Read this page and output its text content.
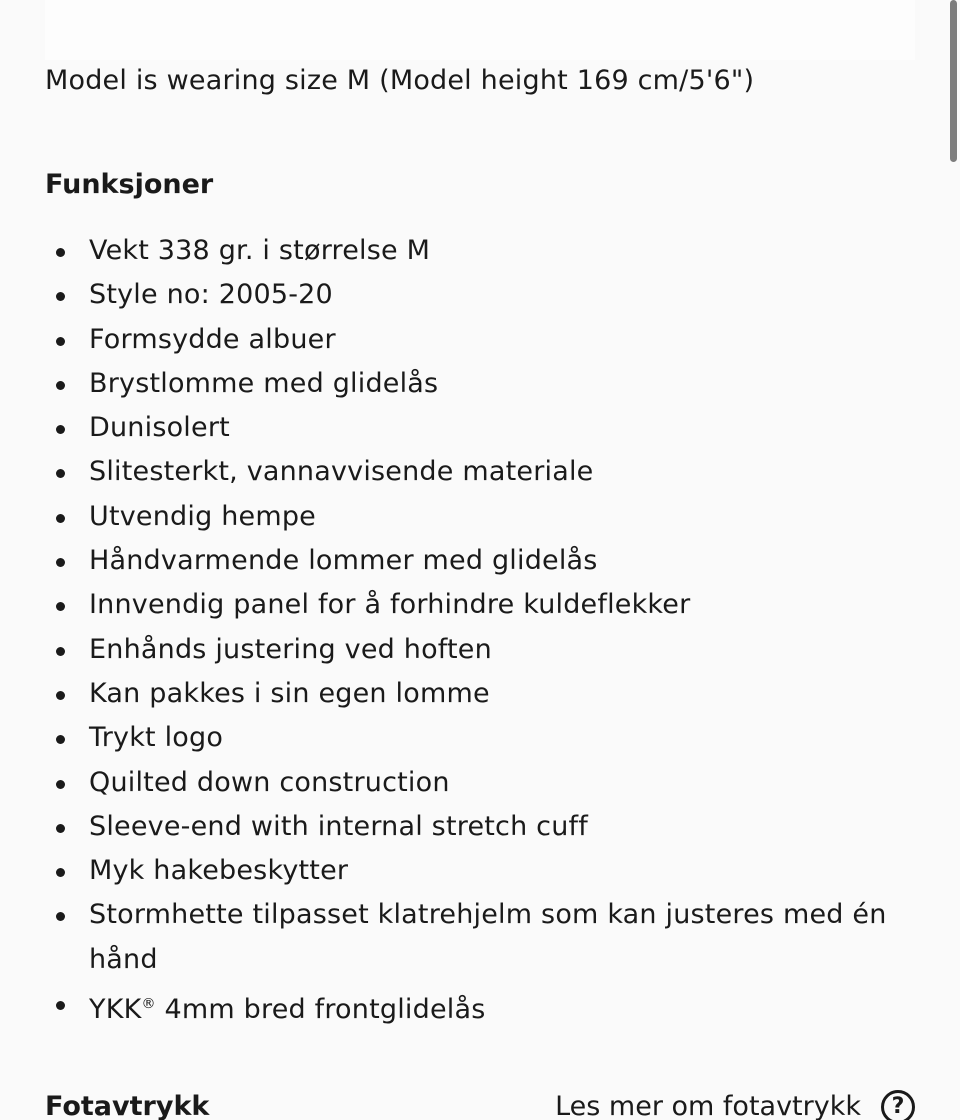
Model is wearing size M (Model height 169 cm/5'6")
Funksjoner
Vekt 338 gr. i størrelse M
Style no: 2005-20
Formsydde albuer
Brystlomme med glidelås
Dunisolert
Slitesterkt, vannavvisende materiale
Utvendig hempe
Håndvarmende lommer med glidelås
Innvendig panel for å forhindre kuldeflekker
Enhånds justering ved hoften
Kan pakkes i sin egen lomme
Trykt logo
Quilted down construction
Sleeve-end with internal stretch cuff
Myk hakebeskytter
Stormhette tilpasset klatrehjelm som kan justeres med én hånd
YKK® 4mm bred frontglidelås
Fotavtrykk	Les mer om fotavtrykk	?
